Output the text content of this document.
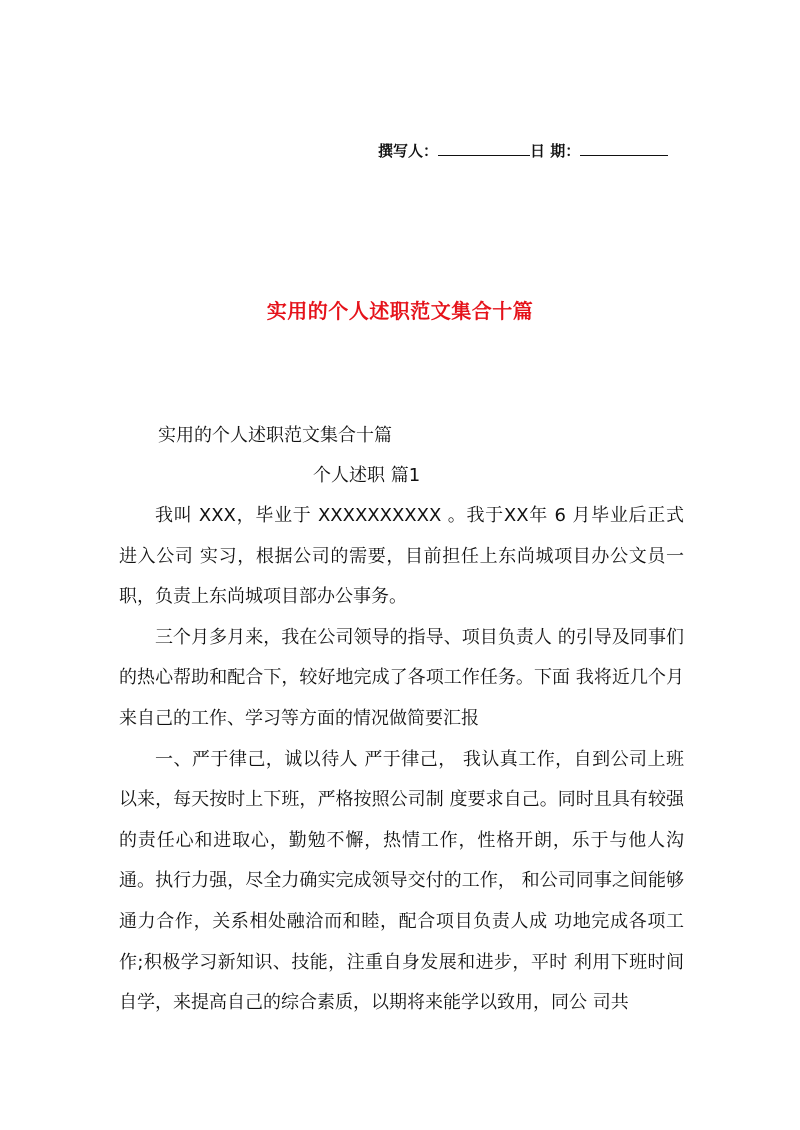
撰写人：	日 期：
实用的个人述职范文集合十篇
实用的个人述职范文集合十篇
个人述职 篇1

我叫 XXX，毕业于 XXXXXXXXXX 。我于XX年 6 月毕业后正式进入公司 实习，根据公司的需要，目前担任上东尚城项目办公文员一职，负责上东尚城项目部办公事务。

三个月多月来，我在公司领导的指导、项目负责人 的引导及同事们的热心帮助和配合下，较好地完成了各项工作任务。下面 我将近几个月来自己的工作、学习等方面的情况做简要汇报

一、严于律己，诚以待人 严于律己， 我认真工作，自到公司上班以来，每天按时上下班，严格按照公司制 度要求自己。同时且具有较强的责任心和进取心，勤勉不懈，热情工作，性格开朗，乐于与他人沟通。执行力强，尽全力确实完成领导交付的工作， 和公司同事之间能够通力合作，关系相处融洽而和睦，配合项目负责人成 功地完成各项工作;积极学习新知识、技能，注重自身发展和进步，平时 利用下班时间自学，来提高自己的综合素质，以期将来能学以致用，同公 司共
